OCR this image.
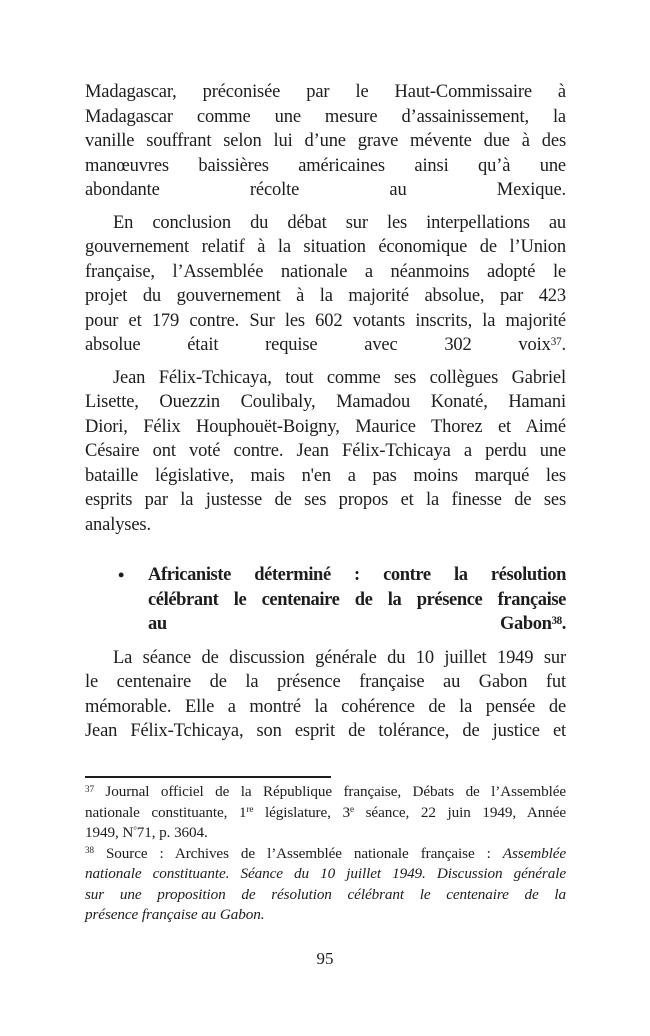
Madagascar, préconisée par le Haut-Commissaire à
Madagascar comme une mesure d’assainissement, la
vanille souffrant selon lui d’une grave mévente due à des
manœuvres baissières américaines ainsi qu’à une
abondante récolte au Mexique.
En conclusion du débat sur les interpellations au
gouvernement relatif à la situation économique de l’Union
française, l’Assemblée nationale a néanmoins adopté le
projet du gouvernement à la majorité absolue, par 423
pour et 179 contre. Sur les 602 votants inscrits, la majorité
absolue était requise avec 302 voix$^{37}$.
Jean Félix-Tchicaya, tout comme ses collègues Gabriel
Lisette, Ouezzin Coulibaly, Mamadou Konaté, Hamani
Diori, Félix Houphouët-Boigny, Maurice Thorez et Aimé
Césaire ont voté contre. Jean Félix-Tchicaya a perdu une
bataille législative, mais n'en a pas moins marqué les
esprits par la justesse de ses propos et la finesse de ses
analyses.
• Africaniste déterminé : contre la résolution
célébrant le centenaire de la présence française
au Gabon$^{38}$.
La séance de discussion générale du 10 juillet 1949 sur
le centenaire de la présence française au Gabon fut
mémorable. Elle a montré la cohérence de la pensée de
Jean Félix-Tchicaya, son esprit de tolérance, de justice et
$^{37}$ Journal officiel de la République française, Débats de l’Assemblée
nationale constituante, 1re législature, 3e séance, 22 juin 1949, Année
1949, N°71, p. 3604.
$^{38}$ Source : Archives de l’Assemblée nationale française : Assemblée
nationale constituante. Séance du 10 juillet 1949. Discussion générale
sur une proposition de résolution célébrant le centenaire de la
présence française au Gabon.
95
